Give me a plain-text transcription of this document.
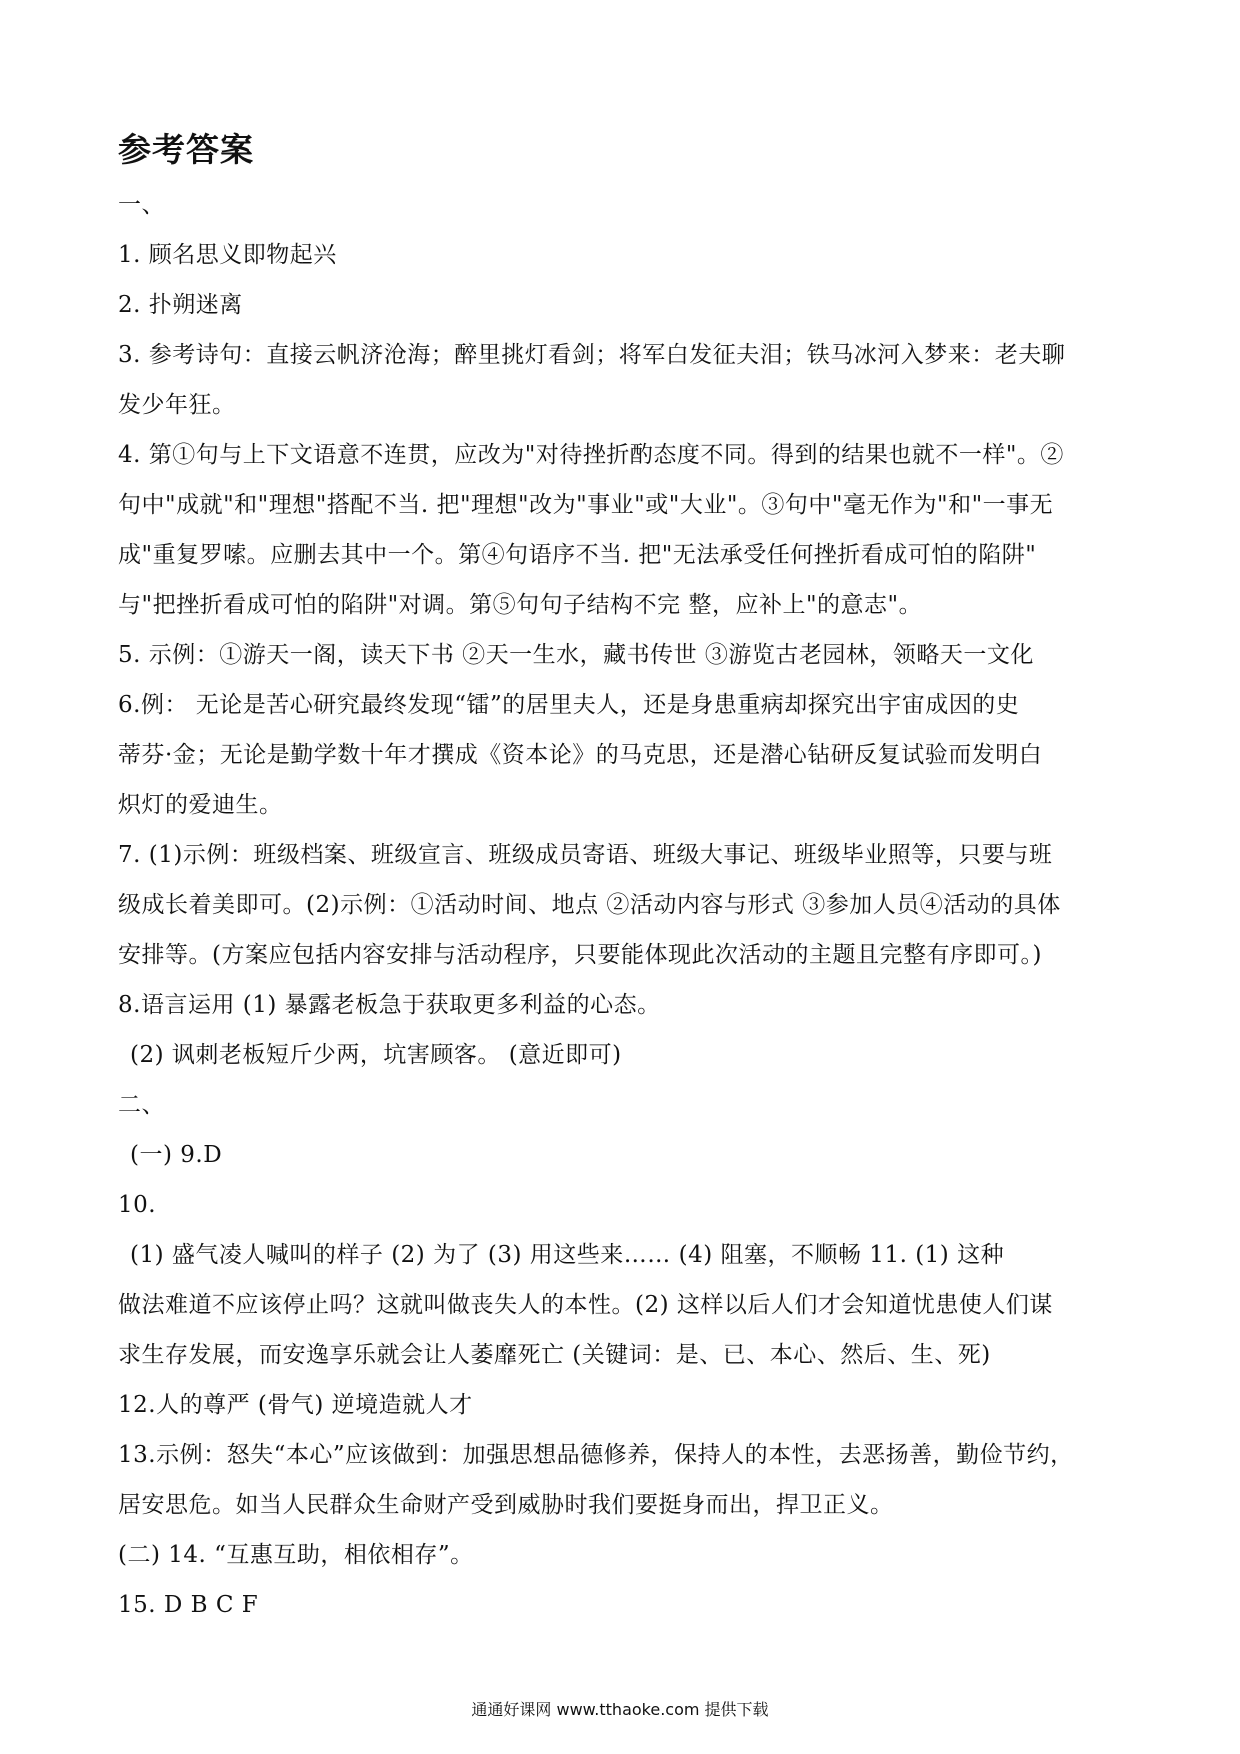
参考答案

一、

1. 顾名思义即物起兴

2. 扑朔迷离

3. 参考诗句：直接云帆济沧海；醉里挑灯看剑；将军白发征夫泪；铁马冰河入梦来：老夫聊

发少年狂。

4. 第①句与上下文语意不连贯，应改为"对待挫折酌态度不同。得到的结果也就不一样"。②

句中"成就"和"理想"搭配不当. 把"理想"改为"事业"或"大业"。③句中"毫无作为"和"一事无

成"重复罗嗦。应删去其中一个。第④句语序不当. 把"无法承受任何挫折看成可怕的陷阱"

与"把挫折看成可怕的陷阱"对调。第⑤句句子结构不完 整，应补上"的意志"。

5. 示例：①游天一阁，读天下书 ②天一生水，藏书传世 ③游览古老园林，领略天一文化

6.例： 无论是苦心研究最终发现“镭”的居里夫人，还是身患重病却探究出宇宙成因的史

蒂芬·金；无论是勤学数十年才撰成《资本论》的马克思，还是潜心钻研反复试验而发明白

炽灯的爱迪生。

7. (1)示例：班级档案、班级宣言、班级成员寄语、班级大事记、班级毕业照等，只要与班

级成长着美即可。(2)示例：①活动时间、地点 ②活动内容与形式 ③参加人员④活动的具体

安排等。(方案应包括内容安排与活动程序，只要能体现此次活动的主题且完整有序即可。)

8.语言运用 (1) 暴露老板急于获取更多利益的心态。

(2) 讽刺老板短斤少两，坑害顾客。 (意近即可)

二、

(一) 9.D

10.

(1) 盛气凌人喊叫的样子 (2) 为了 (3) 用这些来…… (4) 阻塞，不顺畅 11. (1) 这种

做法难道不应该停止吗？这就叫做丧失人的本性。(2) 这样以后人们才会知道忧患使人们谋

求生存发展，而安逸享乐就会让人萎靡死亡 (关键词：是、已、本心、然后、生、死)

12.人的尊严 (骨气) 逆境造就人才

13.示例：怒失“本心”应该做到：加强思想品德修养，保持人的本性，去恶扬善，勤俭节约，

居安思危。如当人民群众生命财产受到威胁时我们要挺身而出，捍卫正义。

(二) 14. “互惠互助，相依相存”。

15. D B C F

通通好课网 www.tthaoke.com 提供下载
